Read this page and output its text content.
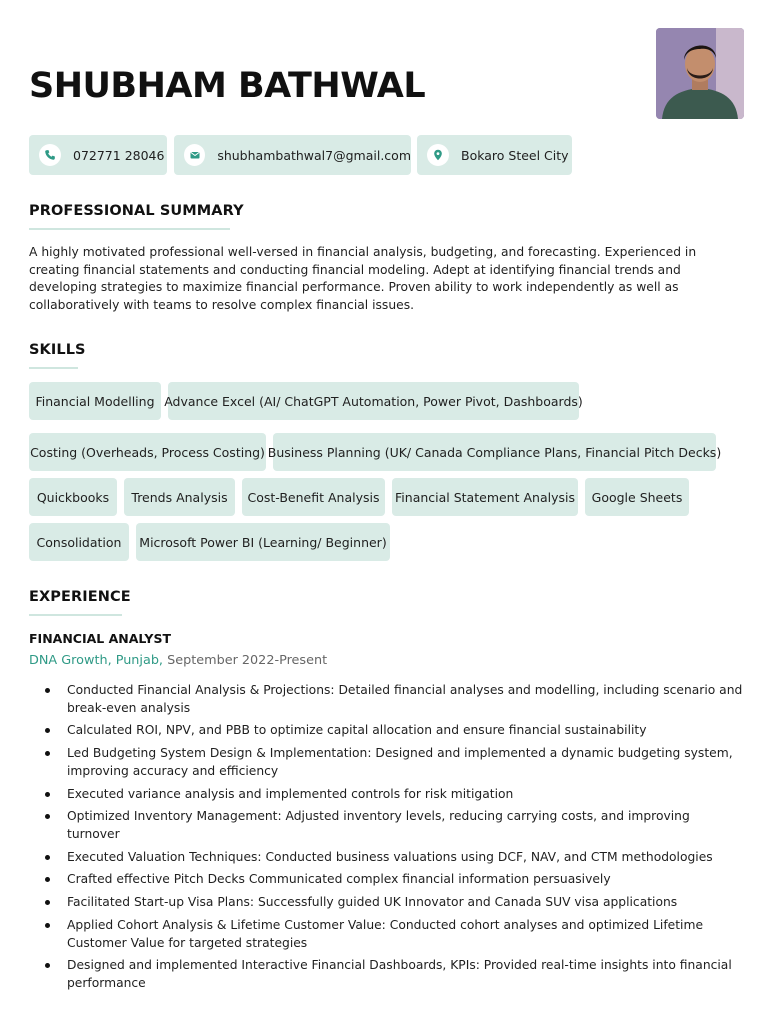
SHUBHAM BATHWAL
072771 28046	shubhambathwal7@gmail.com	Bokaro Steel City
PROFESSIONAL SUMMARY

A highly motivated professional well-versed in financial analysis, budgeting, and forecasting. Experienced in creating financial statements and conducting financial modeling. Adept at identifying financial trends and developing strategies to maximize financial performance. Proven ability to work independently as well as collaboratively with teams to resolve complex financial issues.

SKILLS
Financial Modelling Advance Excel (AI/ ChatGPT Automation, Power Pivot, Dashboards)
Costing (Overheads, Process Costing) Business Planning (UK/ Canada Compliance Plans, Financial Pitch Decks)
Quickbooks	Trends Analysis	Cost-Benefit Analysis	Financial Statement Analysis	Google Sheets
Consolidation	Microsoft Power BI (Learning/ Beginner)
EXPERIENCE
FINANCIAL ANALYST
DNA Growth, Punjab, September 2022-Present
Conducted Financial Analysis & Projections: Detailed financial analyses and modelling, including scenario and break-even analysis
Calculated ROI, NPV, and PBB to optimize capital allocation and ensure financial sustainability
Led Budgeting System Design & Implementation: Designed and implemented a dynamic budgeting system, improving accuracy and efficiency
Executed variance analysis and implemented controls for risk mitigation
Optimized Inventory Management: Adjusted inventory levels, reducing carrying costs, and improving turnover
Executed Valuation Techniques: Conducted business valuations using DCF, NAV, and CTM methodologies
Crafted effective Pitch Decks Communicated complex financial information persuasively
Facilitated Start-up Visa Plans: Successfully guided UK Innovator and Canada SUV visa applications
Applied Cohort Analysis & Lifetime Customer Value: Conducted cohort analyses and optimized Lifetime Customer Value for targeted strategies
Designed and implemented Interactive Financial Dashboards, KPIs: Provided real-time insights into financial performance
